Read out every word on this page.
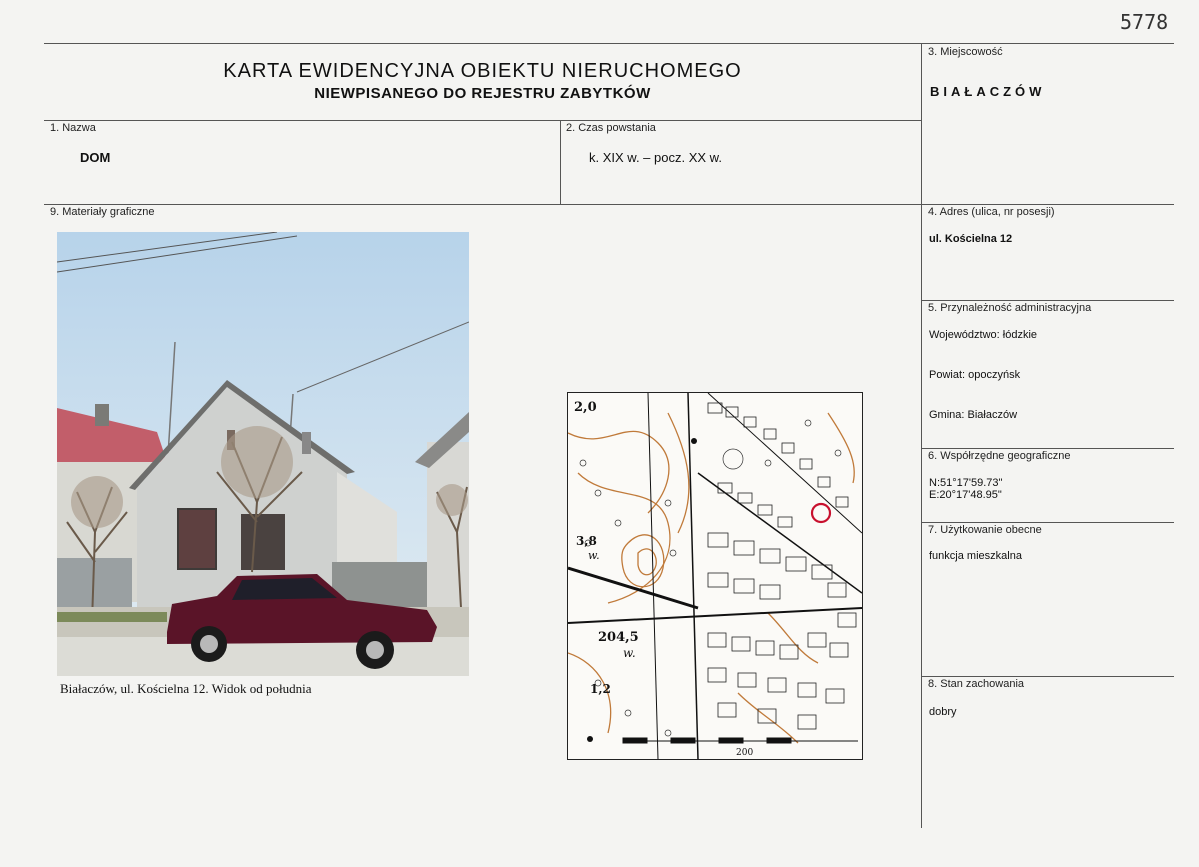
5778
KARTA EWIDENCYJNA OBIEKTU NIERUCHOMEGO
NIEWPISANEGO DO REJESTRU ZABYTKÓW
3. Miejscowość
BIAŁACZÓW
1. Nazwa
DOM
2. Czas powstania
k. XIX w. – pocz. XX w.
9. Materiały graficzne	4. Adres (ulica, nr posesji)
ul. Kościelna 12
5. Przynależność administracyjna
Województwo: łódzkie
Powiat: opoczyńsk
Gmina: Białaczów
6. Współrzędne geograficzne
N:51°17'59.73"
E:20°17'48.95"
7. Użytkowanie obecne
funkcja mieszkalna
8. Stan zachowania
dobry
Białaczów, ul. Kościelna 12. Widok od południa
2,0
3,8
w.
204,5
w.
1,2
200
